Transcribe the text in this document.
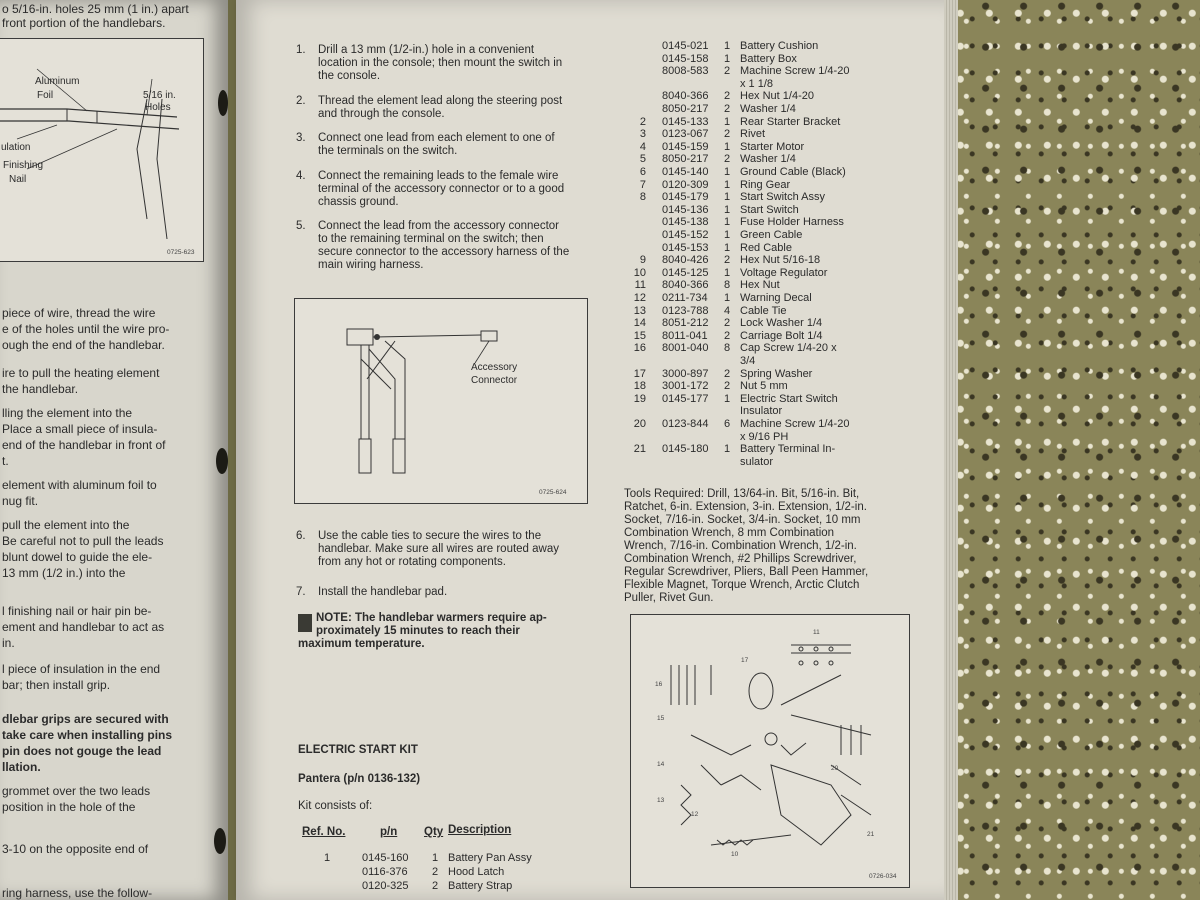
o 5/16-in. holes 25 mm (1 in.) apart
front portion of the handlebars.
piece of wire, thread the wire
e of the holes until the wire pro-
ough the end of the handlebar.
ire to pull the heating element
the handlebar.
lling the element into the
Place a small piece of insula-
end of the handlebar in front of
t.
element with aluminum foil to
nug fit.
pull the element into the
Be careful not to pull the leads
blunt dowel to guide the ele-
13 mm (1/2 in.) into the
l finishing nail or hair pin be-
ement and handlebar to act as
in.
l piece of insulation in the end
bar; then install grip.
dlebar grips are secured with
take care when installing pins
pin does not gouge the lead
llation.
grommet over the two leads
position in the hole of the
3-10 on the opposite end of
ring harness, use the follow-
Aluminum
Foil	5/16 in.
Holes
ulation
Finishing
Nail
0725-623
1. Drill a 13 mm (1/2-in.) hole in a convenient location in the console; then mount the switch in the console.
2. Thread the element lead along the steering post and through the console.
3. Connect one lead from each element to one of the terminals on the switch.
4. Connect the remaining leads to the female wire terminal of the accessory connector or to a good chassis ground.
5. Connect the lead from the accessory connector to the remaining terminal on the switch; then secure connector to the accessory harness of the main wiring harness.
Accessory
Connector
0725-624
6. Use the cable ties to secure the wires to the handlebar. Make sure all wires are routed away from any hot or rotating components.
7. Install the handlebar pad.
NOTE: The handlebar warmers require ap-
proximately 15 minutes to reach their
maximum temperature.
ELECTRIC START KIT
Pantera (p/n 0136-132)
Kit consists of:
Ref. No.	p/n Qty Description
1	0145-160 1 Battery Pan Assy
0116-376 2 Hood Latch
0120-325 2 Battery Strap
0145-021 1 Battery Cushion
0145-158 1 Battery Box
8008-583 2 Machine Screw 1/4-20
x 1 1/8
8040-366 2 Hex Nut 1/4-20
8050-217 2 Washer 1/4
2 0145-133 1 Rear Starter Bracket
3 0123-067 2 Rivet
4 0145-159 1 Starter Motor
5 8050-217 2 Washer 1/4
6 0145-140 1 Ground Cable (Black)
7 0120-309 1 Ring Gear
8 0145-179 1 Start Switch Assy
0145-136 1 Start Switch
0145-138 1 Fuse Holder Harness
0145-152 1 Green Cable
0145-153 1 Red Cable
9 8040-426 2 Hex Nut 5/16-18
10 0145-125 1 Voltage Regulator
11 8040-366 8 Hex Nut
12 0211-734 1 Warning Decal
13 0123-788 4 Cable Tie
14 8051-212 2 Lock Washer 1/4
15 8011-041 2 Carriage Bolt 1/4
16 8001-040 8 Cap Screw 1/4-20 x
3/4
17 3000-897 2 Spring Washer
18 3001-172 2 Nut 5 mm
19 0145-177 1 Electric Start Switch
Insulator
20 0123-844 6 Machine Screw 1/4-20
x 9/16 PH
21 0145-180 1 Battery Terminal In-
sulator
Tools Required: Drill, 13/64-in. Bit, 5/16-in. Bit,
Ratchet, 6-in. Extension, 3-in. Extension, 1/2-in.
Socket, 7/16-in. Socket, 3/4-in. Socket, 10 mm
Combination Wrench, 8 mm Combination
Wrench, 7/16-in. Combination Wrench, 1/2-in.
Combination Wrench, #2 Phillips Screwdriver,
Regular Screwdriver, Pliers, Ball Peen Hammer,
Flexible Magnet, Torque Wrench, Arctic Clutch
Puller, Rivet Gun.
0726-034
11
17
16
15
14
13
12
10
21
20
